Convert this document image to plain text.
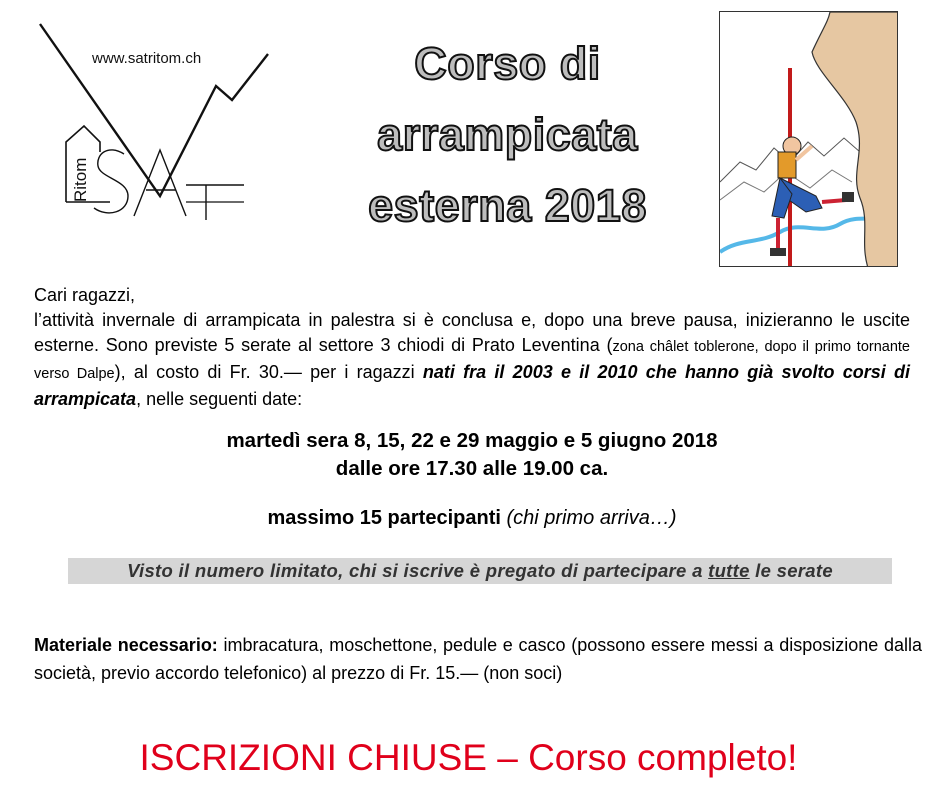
Ritom
www.satritom.ch	Corso di
arrampicata
esterna 2018
Cari ragazzi,
l’attività invernale di arrampicata in palestra si è conclusa e, dopo una breve pausa, inizieranno le uscite esterne. Sono previste 5 serate al settore 3 chiodi di Prato Leventina (zona châlet toblerone, dopo il primo tornante verso Dalpe), al costo di Fr. 30.— per i ragazzi nati fra il 2003 e il 2010 che hanno già svolto corsi di arrampicata, nelle seguenti date:
martedì sera 8, 15, 22 e 29 maggio e 5 giugno 2018
dalle ore 17.30 alle 19.00 ca.
massimo 15 partecipanti (chi primo arriva…)
Visto il numero limitato, chi si iscrive è pregato di partecipare a tutte le serate
Materiale necessario: imbracatura, moschettone, pedule e casco (possono essere messi a disposizione dalla società, previo accordo telefonico) al prezzo di Fr. 15.— (non soci)
ISCRIZIONI CHIUSE – Corso completo!
